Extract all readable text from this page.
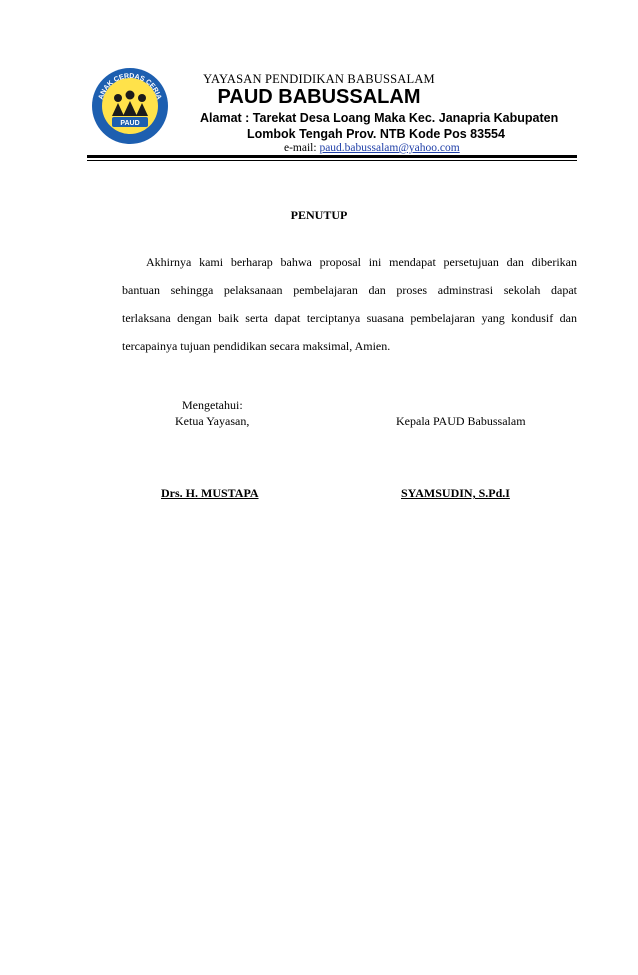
ANAK CERDAS CERIA
PAUD
YAYASAN PENDIDIKAN BABUSSALAM
PAUD BABUSSALAM
Alamat : Tarekat Desa Loang Maka Kec. Janapria Kabupaten
Lombok Tengah Prov. NTB Kode Pos 83554
e-mail: paud.babussalam@yahoo.com
PENUTUP
Akhirnya kami berharap bahwa proposal ini mendapat persetujuan dan diberikan
bantuan sehingga pelaksanaan pembelajaran dan proses adminstrasi sekolah dapat
terlaksana dengan baik serta dapat terciptanya suasana pembelajaran yang kondusif dan
tercapainya tujuan pendidikan secara maksimal, Amien.
Mengetahui:
Ketua Yayasan,	Kepala PAUD Babussalam
Drs. H. MUSTAPA	SYAMSUDIN, S.Pd.I
